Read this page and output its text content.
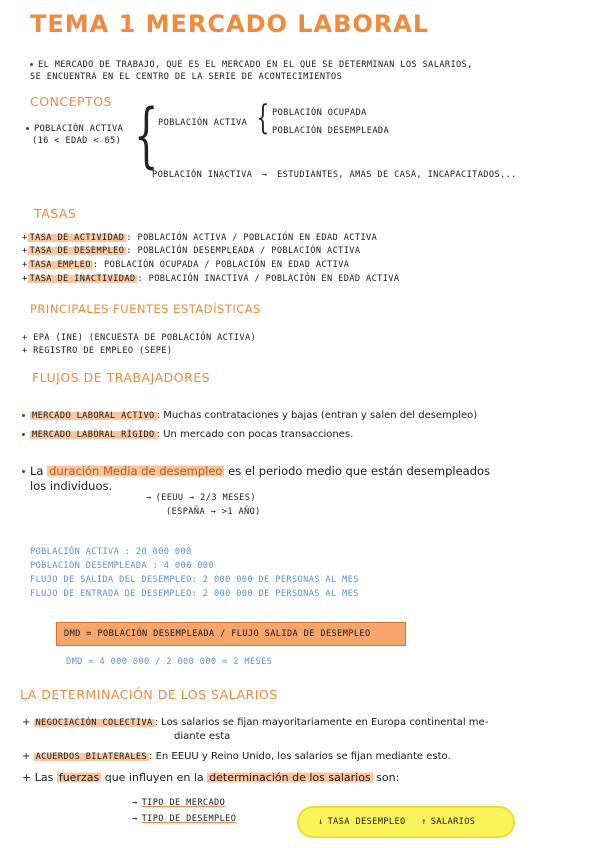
TEMA 1 MERCADO LABORAL
EL MERCADO DE TRABAJO, QUE ES EL MERCADO EN EL QUE SE DETERMINAN LOS SALARIOS,
SE ENCUENTRA EN EL CENTRO DE LA SERIE DE ACONTECIMIENTOS
CONCEPTOS
POBLACIÓN ACTIVA
(16 < EDAD < 65) { POBLACIÓN ACTIVA { POBLACIÓN OCUPADA
POBLACIÓN DESEMPLEADA
POBLACIÓN INACTIVA → ESTUDIANTES, AMAS DE CASA, INCAPACITADOS...
TASAS
+ TASA DE ACTIVIDAD : POBLACIÓN ACTIVA / POBLACIÓN EN EDAD ACTIVA
+ TASA DE DESEMPLEO : POBLACIÓN DESEMPLEADA / POBLACIÓN ACTIVA
+ TASA EMPLEO : POBLACIÓN OCUPADA / POBLACIÓN EN EDAD ACTIVA
+ TASA DE INACTIVIDAD : POBLACIÓN INACTIVA / POBLACIÓN EN EDAD ACTIVA
PRINCIPALES FUENTES ESTADÍSTICAS
+ EPA (INE) (ENCUESTA DE POBLACIÓN ACTIVA)
+ REGISTRO DE EMPLEO (SEPE)
FLUJOS DE TRABAJADORES
MERCADO LABORAL ACTIVO : Muchas contrataciones y bajas (entran y salen del desempleo)
MERCADO LABORAL RÍGIDO : Un mercado con pocas transacciones.
La duración Media de desempleo es el periodo medio que están desempleados
los individuos.
→ (EEUU → 2/3 MESES)
(ESPAÑA → >1 AÑO)
POBLACIÓN ACTIVA : 20 000 000
POBLACIÓN DESEMPLEADA : 4 000 000
FLUJO DE SALIDA DEL DESEMPLEO: 2 000 000 DE PERSONAS AL MES
FLUJO DE ENTRADA DE DESEMPLEO: 2 000 000 DE PERSONAS AL MES
DMD = POBLACIÓN DESEMPLEADA / FLUJO SALIDA DE DESEMPLEO
DMD = 4 000 000 / 2 000 000 = 2 MESES
LA DETERMINACIÓN DE LOS SALARIOS
+ NEGOCIACIÓN COLECTIVA : Los salarios se fijan mayoritariamente en Europa continental me-
diante esta
+ ACUERDOS BILATERALES : En EEUU y Reino Unido, los salarios se fijan mediante esto.
+ Las fuerzas que influyen en la determinación de los salarios son:
→ TIPO DE MERCADO
→ TIPO DE DESEMPLEO	↓ TASA DESEMPLEO ↑ SALARIOS
